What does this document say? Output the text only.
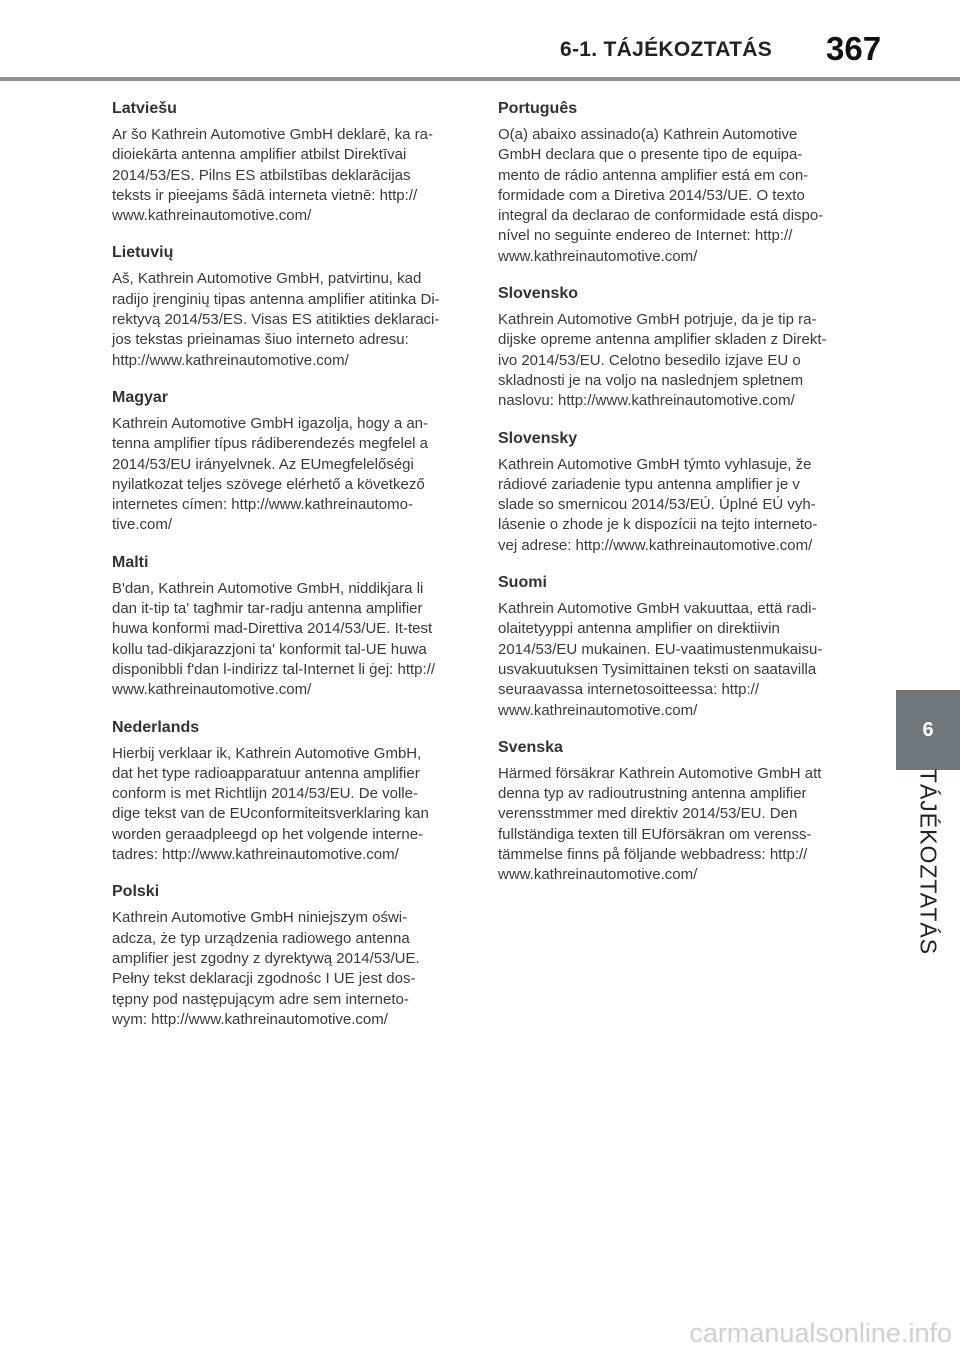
6-1. TÁJÉKOZTATÁS 367
6
TÁJÉKOZTATÁS
Latviešu
Ar šo Kathrein Automotive GmbH deklarē, ka ra-
dioiekārta antenna amplifier atbilst Direktīvai
2014/53/ES. Pilns ES atbilstības deklarācijas
teksts ir pieejams šādā interneta vietnē: http://
www.kathreinautomotive.com/
Lietuvių
Aš, Kathrein Automotive GmbH, patvirtinu, kad
radijo įrenginių tipas antenna amplifier atitinka Di-
rektyvą 2014/53/ES. Visas ES atitikties deklaraci-
jos tekstas prieinamas šiuo interneto adresu:
http://www.kathreinautomotive.com/
Magyar
Kathrein Automotive GmbH igazolja, hogy a an-
tenna amplifier típus rádiberendezés megfelel a
2014/53/EU irányelvnek. Az EUmegfelelőségi
nyilatkozat teljes szövege elérhető a következő
internetes címen: http://www.kathreinautomo-
tive.com/
Malti
B'dan, Kathrein Automotive GmbH, niddikjara li
dan it-tip ta' tagħmir tar-radju antenna amplifier
huwa konformi mad-Direttiva 2014/53/UE. It-test
kollu tad-dikjarazzjoni ta' konformit tal-UE huwa
disponibbli f'dan l-indirizz tal-Internet li ġej: http://
www.kathreinautomotive.com/
Nederlands
Hierbij verklaar ik, Kathrein Automotive GmbH,
dat het type radioapparatuur antenna amplifier
conform is met Richtlijn 2014/53/EU. De volle-
dige tekst van de EUconformiteitsverklaring kan
worden geraadpleegd op het volgende interne-
tadres: http://www.kathreinautomotive.com/
Polski
Kathrein Automotive GmbH niniejszym oświ-
adcza, że typ urządzenia radiowego antenna
amplifier jest zgodny z dyrektywą 2014/53/UE.
Pełny tekst deklaracji zgodnośc I UE jest dos-
tępny pod następującym adre sem interneto-
wym: http://www.kathreinautomotive.com/
Português
O(a) abaixo assinado(a) Kathrein Automotive
GmbH declara que o presente tipo de equipa-
mento de rádio antenna amplifier está em con-
formidade com a Diretiva 2014/53/UE. O texto
integral da declarao de conformidade está dispo-
nível no seguinte endereo de Internet: http://
www.kathreinautomotive.com/
Slovensko
Kathrein Automotive GmbH potrjuje, da je tip ra-
dijske opreme antenna amplifier skladen z Direkt-
ivo 2014/53/EU. Celotno besedilo izjave EU o
skladnosti je na voljo na naslednjem spletnem
naslovu: http://www.kathreinautomotive.com/
Slovensky
Kathrein Automotive GmbH týmto vyhlasuje, že
rádiové zariadenie typu antenna amplifier je v
slade so smernicou 2014/53/EÚ. Úplné EÚ vyh-
lásenie o zhode je k dispozícii na tejto interneto-
vej adrese: http://www.kathreinautomotive.com/
Suomi
Kathrein Automotive GmbH vakuuttaa, että radi-
olaitetyyppi antenna amplifier on direktiivin
2014/53/EU mukainen. EU-vaatimustenmukaisu-
usvakuutuksen Tysimittainen teksti on saatavilla
seuraavassa internetosoitteessa: http://
www.kathreinautomotive.com/
Svenska
Härmed försäkrar Kathrein Automotive GmbH att
denna typ av radioutrustning antenna amplifier
verensstmmer med direktiv 2014/53/EU. Den
fullständiga texten till EUförsäkran om verenss-
tämmelse finns på följande webbadress: http://
www.kathreinautomotive.com/
carmanualsonline.info
